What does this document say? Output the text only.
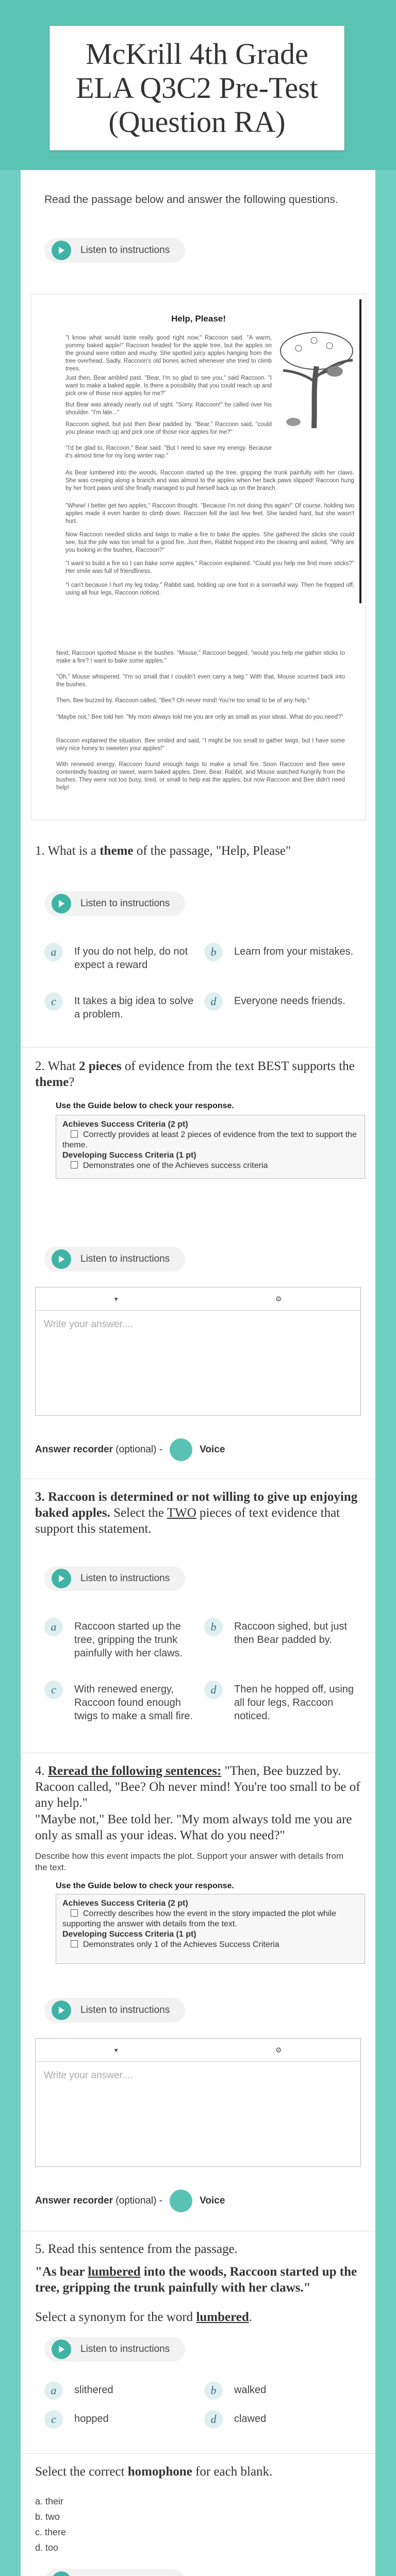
McKrill 4th Grade ELA Q3C2 Pre-Test (Question RA)
Read the passage below and answer the following questions.
Listen to instructions
Help, Please!
"I know what would taste really good right now," Raccoon said. "A warm, yummy baked apple!" Raccoon headed for the apple tree, but the apples on the ground were rotten and mushy. She spotted juicy apples hanging from the tree overhead. Sadly, Raccoon's old bones ached whenever she tried to climb trees.
Just then, Bear ambled past. "Bear, I'm so glad to see you," said Raccoon. "I want to make a baked apple. Is there a possibility that you could reach up and pick one of those nice apples for me?"
But Bear was already nearly out of sight. "Sorry, Raccoon!" he called over his shoulder. "I'm late..."
Raccoon sighed, but just then Bear padded by. "Bear," Raccoon said, "could you please reach up and pick one of those nice apples for me?"
"I'd be glad to, Raccoon," Bear said. "But I need to save my energy. Because it's almost time for my long winter nap."
As Bear lumbered into the woods, Raccoon started up the tree, gripping the trunk painfully with her claws. She was creeping along a branch and was almost to the apples when her back paws slipped! Raccoon hung by her front paws until she finally managed to pull herself back up on the branch.
"Whew! I better get two apples," Raccoon thought. "Because I'm not doing this again!" Of course, holding two apples made it even harder to climb down. Raccoon fell the last few feet. She landed hard, but she wasn't hurt.
Now Raccoon needed sticks and twigs to make a fire to bake the apples. She gathered the sticks she could see, but the pile was too small for a good fire. Just then, Rabbit hopped into the clearing and asked, "Why are you looking in the bushes, Raccoon?"
"I want to build a fire so I can bake some apples," Raccoon explained. "Could you help me find more sticks?" Her smile was full of friendliness.
"I can't because I hurt my leg today," Rabbit said, holding up one foot in a sorrowful way. Then he hopped off, using all four legs, Raccoon noticed.
Next, Raccoon spotted Mouse in the bushes. "Mouse," Raccoon begged, "would you help me gather sticks to make a fire? I want to bake some apples."
"Oh," Mouse whispered. "I'm so small that I couldn't even carry a twig." With that, Mouse scurried back into the bushes.
Then, Bee buzzed by. Raccoon called, "Bee? Oh never mind! You're too small to be of any help."
"Maybe not," Bee told her. "My mom always told me you are only as small as your ideas. What do you need?"
Raccoon explained the situation. Bee smiled and said, "I might be too small to gather twigs, but I have some very nice honey to sweeten your apples!"
With renewed energy, Raccoon found enough twigs to make a small fire. Soon Raccoon and Bee were contentedly feasting on sweet, warm baked apples. Deer, Bear, Rabbit, and Mouse watched hungrily from the bushes. They were not too busy, tired, or small to help eat the apples, but now Raccoon and Bee didn't need help!
1. What is a theme of the passage, "Help, Please"
Listen to instructions
a	If you do not help, do not expect a reward
b	Learn from your mistakes.
c	It takes a big idea to solve a problem.
d	Everyone needs friends.
2. What 2 pieces of evidence from the text BEST supports the theme?
Use the Guide below to check your response.
Achieves Success Criteria (2 pt)
Correctly provides at least 2 pieces of evidence from the text to support the theme.
Developing Success Criteria (1 pt)
Demonstrates one of the Achieves success criteria
Listen to instructions
▾	⚙
Write your answer....
Answer recorder (optional) -	Voice
3. Raccoon is determined or not willing to give up enjoying baked apples. Select the TWO pieces of text evidence that support this statement.
Listen to instructions
a	Raccoon started up the tree, gripping the trunk painfully with her claws.
b	Raccoon sighed, but just then Bear padded by.
c	With renewed energy, Raccoon found enough twigs to make a small fire.
d	Then he hopped off, using all four legs, Raccoon noticed.
4. Reread the following sentences: "Then, Bee buzzed by. Racoon called, "Bee? Oh never mind! You're too small to be of any help."
"Maybe not," Bee told her. "My mom always told me you are only as small as your ideas. What do you need?"
Describe how this event impacts the plot. Support your answer with details from the text.
Use the Guide below to check your response.
Achieves Success Criteria (2 pt)
Correctly describes how the event in the story impacted the plot while supporting the answer with details from the text.
Developing Success Criteria (1 pt)
Demonstrates only 1 of the Achieves Success Criteria
Listen to instructions
▾	⚙
Write your answer....
Answer recorder (optional) -	Voice
5. Read this sentence from the passage.
"As bear lumbered into the woods, Raccoon started up the tree, gripping the trunk painfully with her claws."
Select a synonym for the word lumbered.
Listen to instructions
a	slithered	b	walked
c	hopped	d	clawed
Select the correct homophone for each blank.
a. their
b. two
c. there
d. too
